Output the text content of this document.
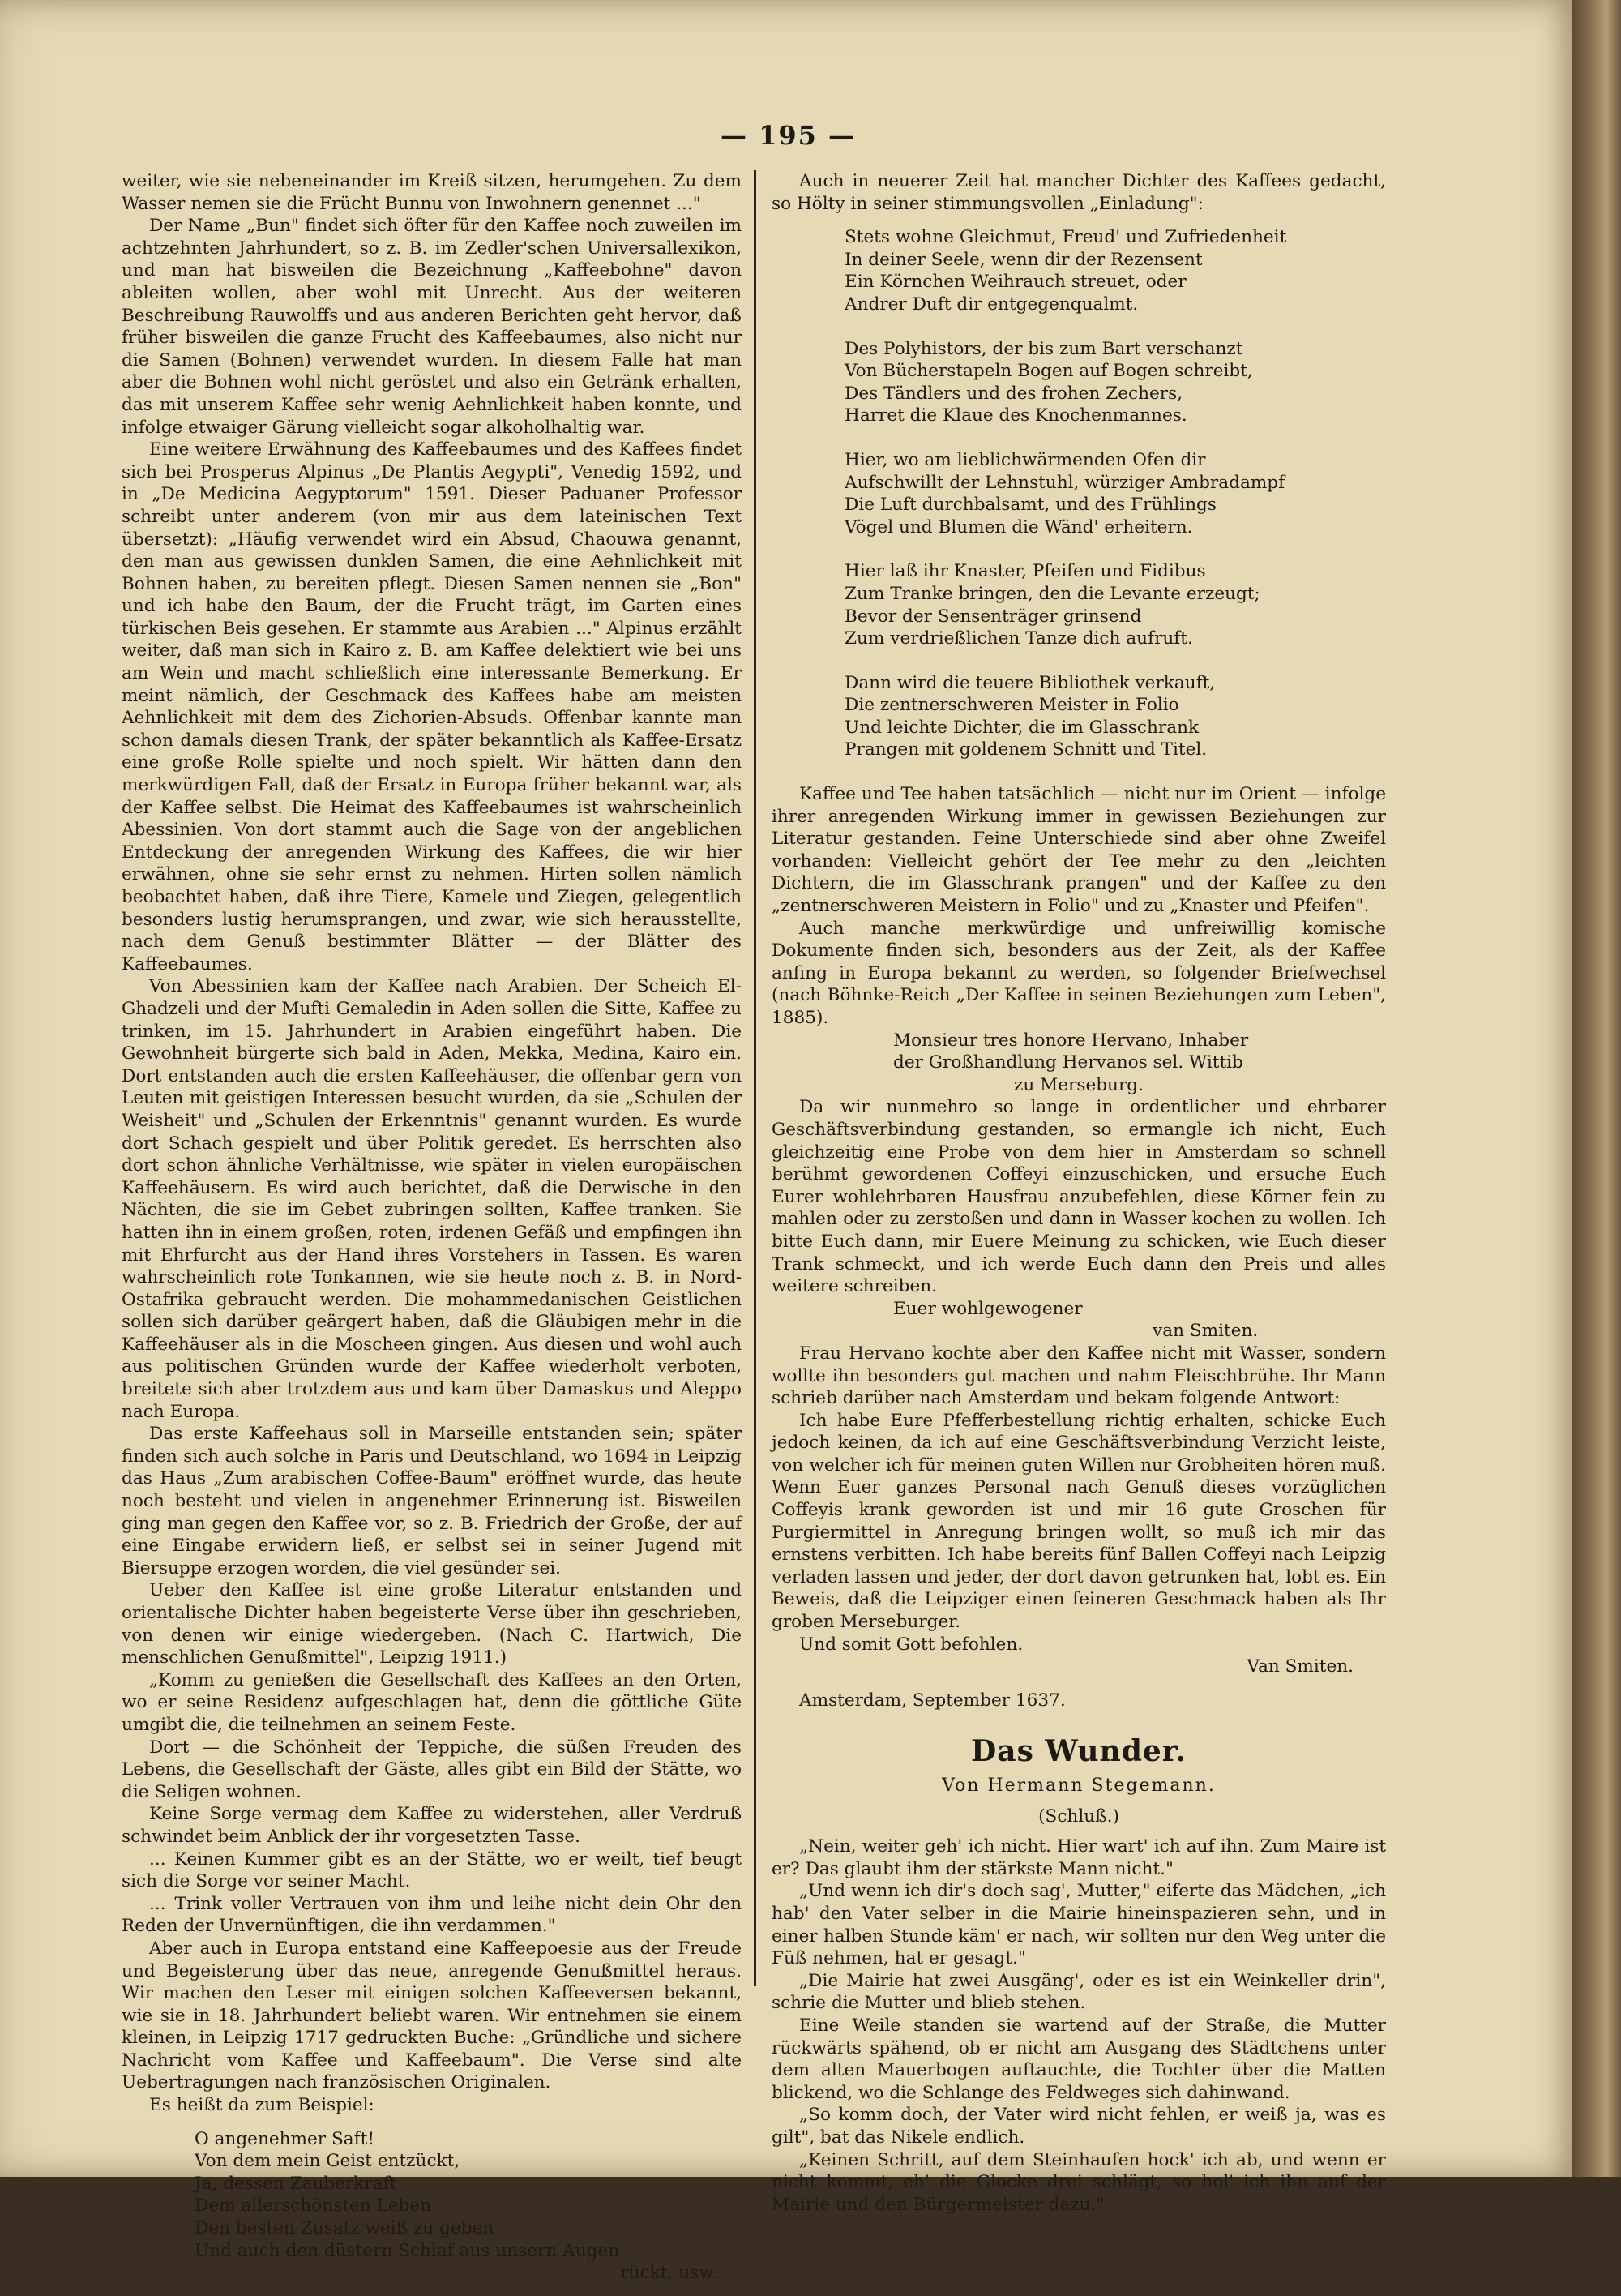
— 195 —

weiter, wie sie nebeneinander im Kreiß sitzen, herumgehen. Zu dem Wasser nemen sie die Frücht Bunnu von Inwohnern genennet ..."

Der Name „Bun" findet sich öfter für den Kaffee noch zuweilen im achtzehnten Jahrhundert, so z. B. im Zedler'schen Universallexikon, und man hat bisweilen die Bezeichnung „Kaffeebohne" davon ableiten wollen, aber wohl mit Unrecht. Aus der weiteren Beschreibung Rauwolffs und aus anderen Berichten geht hervor, daß früher bisweilen die ganze Frucht des Kaffeebaumes, also nicht nur die Samen (Bohnen) verwendet wurden. In diesem Falle hat man aber die Bohnen wohl nicht geröstet und also ein Getränk erhalten, das mit unserem Kaffee sehr wenig Aehnlichkeit haben konnte, und infolge etwaiger Gärung vielleicht sogar alkoholhaltig war.

Eine weitere Erwähnung des Kaffeebaumes und des Kaffees findet sich bei Prosperus Alpinus „De Plantis Aegypti", Venedig 1592, und in „De Medicina Aegyptorum" 1591. Dieser Paduaner Professor schreibt unter anderem (von mir aus dem lateinischen Text übersetzt): „Häufig verwendet wird ein Absud, Chaouwa genannt, den man aus gewissen dunklen Samen, die eine Aehnlichkeit mit Bohnen haben, zu bereiten pflegt. Diesen Samen nennen sie „Bon" und ich habe den Baum, der die Frucht trägt, im Garten eines türkischen Beis gesehen. Er stammte aus Arabien ..." Alpinus erzählt weiter, daß man sich in Kairo z. B. am Kaffee delektiert wie bei uns am Wein und macht schließlich eine interessante Bemerkung. Er meint nämlich, der Geschmack des Kaffees habe am meisten Aehnlichkeit mit dem des Zichorien-Absuds. Offenbar kannte man schon damals diesen Trank, der später bekanntlich als Kaffee-Ersatz eine große Rolle spielte und noch spielt. Wir hätten dann den merkwürdigen Fall, daß der Ersatz in Europa früher bekannt war, als der Kaffee selbst. Die Heimat des Kaffeebaumes ist wahrscheinlich Abessinien. Von dort stammt auch die Sage von der angeblichen Entdeckung der anregenden Wirkung des Kaffees, die wir hier erwähnen, ohne sie sehr ernst zu nehmen. Hirten sollen nämlich beobachtet haben, daß ihre Tiere, Kamele und Ziegen, gelegentlich besonders lustig herumsprangen, und zwar, wie sich herausstellte, nach dem Genuß bestimmter Blätter — der Blätter des Kaffeebaumes.

Von Abessinien kam der Kaffee nach Arabien. Der Scheich El-Ghadzeli und der Mufti Gemaledin in Aden sollen die Sitte, Kaffee zu trinken, im 15. Jahrhundert in Arabien eingeführt haben. Die Gewohnheit bürgerte sich bald in Aden, Mekka, Medina, Kairo ein. Dort entstanden auch die ersten Kaffeehäuser, die offenbar gern von Leuten mit geistigen Interessen besucht wurden, da sie „Schulen der Weisheit" und „Schulen der Erkenntnis" genannt wurden. Es wurde dort Schach gespielt und über Politik geredet. Es herrschten also dort schon ähnliche Verhältnisse, wie später in vielen europäischen Kaffeehäusern. Es wird auch berichtet, daß die Derwische in den Nächten, die sie im Gebet zubringen sollten, Kaffee tranken. Sie hatten ihn in einem großen, roten, irdenen Gefäß und empfingen ihn mit Ehrfurcht aus der Hand ihres Vorstehers in Tassen. Es waren wahrscheinlich rote Tonkannen, wie sie heute noch z. B. in Nord-Ostafrika gebraucht werden. Die mohammedanischen Geistlichen sollen sich darüber geärgert haben, daß die Gläubigen mehr in die Kaffeehäuser als in die Moscheen gingen. Aus diesen und wohl auch aus politischen Gründen wurde der Kaffee wiederholt verboten, breitete sich aber trotzdem aus und kam über Damaskus und Aleppo nach Europa.

Das erste Kaffeehaus soll in Marseille entstanden sein; später finden sich auch solche in Paris und Deutschland, wo 1694 in Leipzig das Haus „Zum arabischen Coffee-Baum" eröffnet wurde, das heute noch besteht und vielen in angenehmer Erinnerung ist. Bisweilen ging man gegen den Kaffee vor, so z. B. Friedrich der Große, der auf eine Eingabe erwidern ließ, er selbst sei in seiner Jugend mit Biersuppe erzogen worden, die viel gesünder sei.

Ueber den Kaffee ist eine große Literatur entstanden und orientalische Dichter haben begeisterte Verse über ihn geschrieben, von denen wir einige wiedergeben. (Nach C. Hartwich, Die menschlichen Genußmittel", Leipzig 1911.)

„Komm zu genießen die Gesellschaft des Kaffees an den Orten, wo er seine Residenz aufgeschlagen hat, denn die göttliche Güte umgibt die, die teilnehmen an seinem Feste.

Dort — die Schönheit der Teppiche, die süßen Freuden des Lebens, die Gesellschaft der Gäste, alles gibt ein Bild der Stätte, wo die Seligen wohnen.

Keine Sorge vermag dem Kaffee zu widerstehen, aller Verdruß schwindet beim Anblick der ihr vorgesetzten Tasse.

... Keinen Kummer gibt es an der Stätte, wo er weilt, tief beugt sich die Sorge vor seiner Macht.

... Trink voller Vertrauen von ihm und leihe nicht dein Ohr den Reden der Unvernünftigen, die ihn verdammen."

Aber auch in Europa entstand eine Kaffeepoesie aus der Freude und Begeisterung über das neue, anregende Genußmittel heraus. Wir machen den Leser mit einigen solchen Kaffeeversen bekannt, wie sie in 18. Jahrhundert beliebt waren. Wir entnehmen sie einem kleinen, in Leipzig 1717 gedruckten Buche: „Gründliche und sichere Nachricht vom Kaffee und Kaffeebaum". Die Verse sind alte Uebertragungen nach französischen Originalen.

Es heißt da zum Beispiel:

O angenehmer Saft!
Von dem mein Geist entzückt,
Ja, dessen Zauberkraft
Dem allerschönsten Leben
Den besten Zusatz weiß zu geben
Und auch den düstern Schlaf aus unsern Augen
rückt, usw.

Auch in neuerer Zeit hat mancher Dichter des Kaffees gedacht, so Hölty in seiner stimmungsvollen „Einladung":

Stets wohne Gleichmut, Freud' und Zufriedenheit
In deiner Seele, wenn dir der Rezensent
Ein Körnchen Weihrauch streuet, oder
Andrer Duft dir entgegenqualmt.
Des Polyhistors, der bis zum Bart verschanzt
Von Bücherstapeln Bogen auf Bogen schreibt,
Des Tändlers und des frohen Zechers,
Harret die Klaue des Knochenmannes.
Hier, wo am lieblichwärmenden Ofen dir
Aufschwillt der Lehnstuhl, würziger Ambradampf
Die Luft durchbalsamt, und des Frühlings
Vögel und Blumen die Wänd' erheitern.
Hier laß ihr Knaster, Pfeifen und Fidibus
Zum Tranke bringen, den die Levante erzeugt;
Bevor der Sensenträger grinsend
Zum verdrießlichen Tanze dich aufruft.
Dann wird die teuere Bibliothek verkauft,
Die zentnerschweren Meister in Folio
Und leichte Dichter, die im Glasschrank
Prangen mit goldenem Schnitt und Titel.

Kaffee und Tee haben tatsächlich — nicht nur im Orient — infolge ihrer anregenden Wirkung immer in gewissen Beziehungen zur Literatur gestanden. Feine Unterschiede sind aber ohne Zweifel vorhanden: Vielleicht gehört der Tee mehr zu den „leichten Dichtern, die im Glasschrank prangen" und der Kaffee zu den „zentnerschweren Meistern in Folio" und zu „Knaster und Pfeifen".

Auch manche merkwürdige und unfreiwillig komische Dokumente finden sich, besonders aus der Zeit, als der Kaffee anfing in Europa bekannt zu werden, so folgender Briefwechsel (nach Böhnke-Reich „Der Kaffee in seinen Beziehungen zum Leben", 1885).

Monsieur tres honore Hervano, Inhaber
der Großhandlung Hervanos sel. Wittib
zu Merseburg.

Da wir nunmehro so lange in ordentlicher und ehrbarer Geschäftsverbindung gestanden, so ermangle ich nicht, Euch gleichzeitig eine Probe von dem hier in Amsterdam so schnell berühmt gewordenen Coffeyi einzuschicken, und ersuche Euch Eurer wohlehrbaren Hausfrau anzubefehlen, diese Körner fein zu mahlen oder zu zerstoßen und dann in Wasser kochen zu wollen. Ich bitte Euch dann, mir Euere Meinung zu schicken, wie Euch dieser Trank schmeckt, und ich werde Euch dann den Preis und alles weitere schreiben.

Euer wohlgewogener
van Smiten.

Frau Hervano kochte aber den Kaffee nicht mit Wasser, sondern wollte ihn besonders gut machen und nahm Fleischbrühe. Ihr Mann schrieb darüber nach Amsterdam und bekam folgende Antwort:

Ich habe Eure Pfefferbestellung richtig erhalten, schicke Euch jedoch keinen, da ich auf eine Geschäftsverbindung Verzicht leiste, von welcher ich für meinen guten Willen nur Grobheiten hören muß. Wenn Euer ganzes Personal nach Genuß dieses vorzüglichen Coffeyis krank geworden ist und mir 16 gute Groschen für Purgiermittel in Anregung bringen wollt, so muß ich mir das ernstens verbitten. Ich habe bereits fünf Ballen Coffeyi nach Leipzig verladen lassen und jeder, der dort davon getrunken hat, lobt es. Ein Beweis, daß die Leipziger einen feineren Geschmack haben als Ihr groben Merseburger.

Und somit Gott befohlen.

Van Smiten.
Amsterdam, September 1637.
Das Wunder.
Von Hermann Stegemann.
(Schluß.)

„Nein, weiter geh' ich nicht. Hier wart' ich auf ihn. Zum Maire ist er? Das glaubt ihm der stärkste Mann nicht."

„Und wenn ich dir's doch sag', Mutter," eiferte das Mädchen, „ich hab' den Vater selber in die Mairie hineinspazieren sehn, und in einer halben Stunde käm' er nach, wir sollten nur den Weg unter die Füß nehmen, hat er gesagt."

„Die Mairie hat zwei Ausgäng', oder es ist ein Weinkeller drin", schrie die Mutter und blieb stehen.

Eine Weile standen sie wartend auf der Straße, die Mutter rückwärts spähend, ob er nicht am Ausgang des Städtchens unter dem alten Mauerbogen auftauchte, die Tochter über die Matten blickend, wo die Schlange des Feldweges sich dahinwand.

„So komm doch, der Vater wird nicht fehlen, er weiß ja, was es gilt", bat das Nikele endlich.

„Keinen Schritt, auf dem Steinhaufen hock' ich ab, und wenn er nicht kommt, eh' die Glocke drei schlägt, so hol' ich ihn auf der Mairie und den Bürgermeister dazu."
